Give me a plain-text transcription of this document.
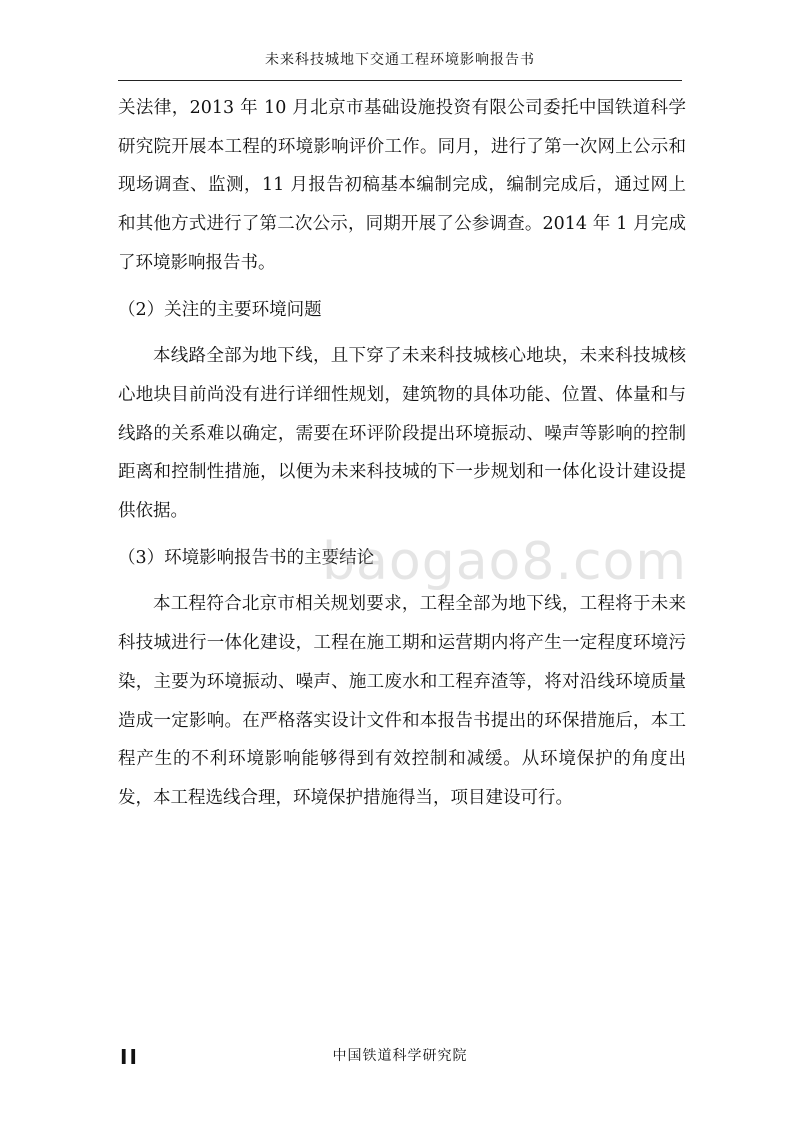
未来科技城地下交通工程环境影响报告书

关法律，2013 年 10 月北京市基础设施投资有限公司委托中国铁道科学研究院开展本工程的环境影响评价工作。同月，进行了第一次网上公示和现场调查、监测，11 月报告初稿基本编制完成，编制完成后，通过网上和其他方式进行了第二次公示，同期开展了公参调查。2014 年 1 月完成了环境影响报告书。

（2）关注的主要环境问题

本线路全部为地下线，且下穿了未来科技城核心地块，未来科技城核心地块目前尚没有进行详细性规划，建筑物的具体功能、位置、体量和与线路的关系难以确定，需要在环评阶段提出环境振动、噪声等影响的控制距离和控制性措施，以便为未来科技城的下一步规划和一体化设计建设提供依据。

（3）环境影响报告书的主要结论

本工程符合北京市相关规划要求，工程全部为地下线，工程将于未来科技城进行一体化建设，工程在施工期和运营期内将产生一定程度环境污染，主要为环境振动、噪声、施工废水和工程弃渣等，将对沿线环境质量造成一定影响。在严格落实设计文件和本报告书提出的环保措施后，本工程产生的不利环境影响能够得到有效控制和减缓。从环境保护的角度出发，本工程选线合理，环境保护措施得当，项目建设可行。

baogao8.com
II	中国铁道科学研究院
